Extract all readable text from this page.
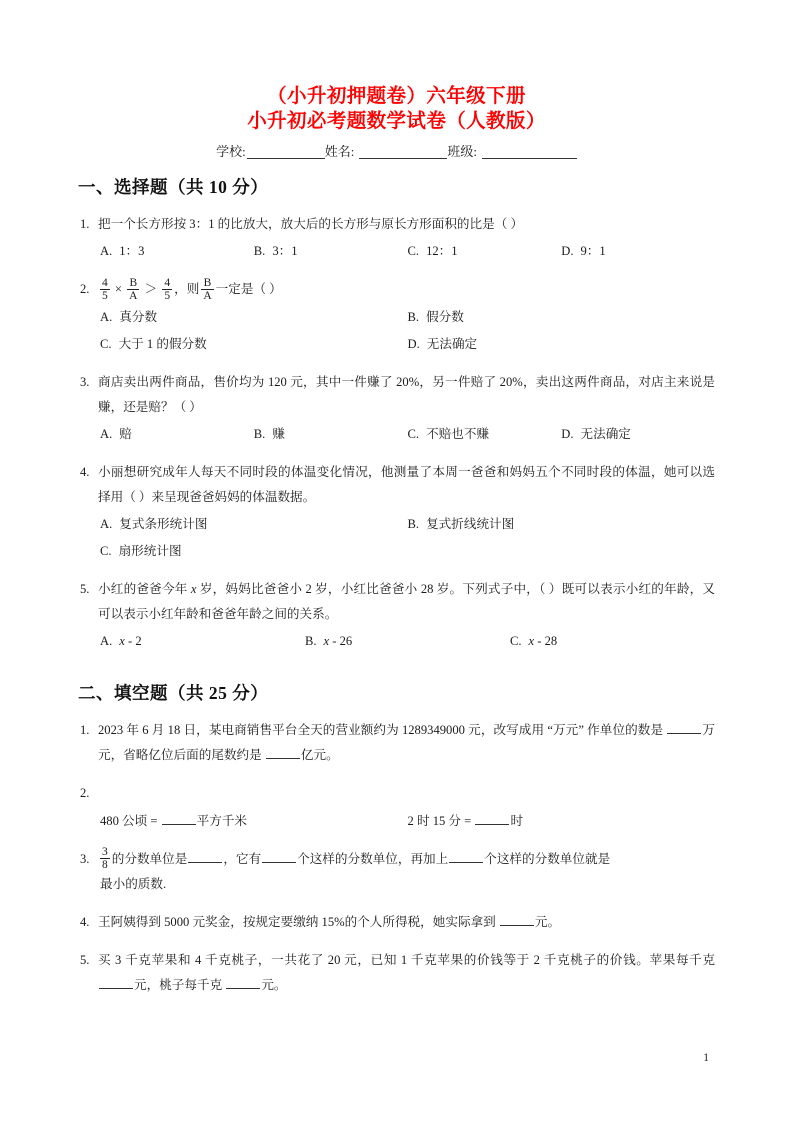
（小升初押题卷）六年级下册
小升初必考题数学试卷（人教版）
学校:	姓名:	班级:
一、选择题（共 10 分）
1. 把一个长方形按 3：1 的比放大，放大后的长方形与原长方形面积的比是（ ）
A. 1：3	B. 3：1	C. 12：1	D. 9：1
2. $\frac{4}{5} \times \frac{B}{A} > \frac{4}{5}$ ，则 $\frac{B}{A}$ 一定是（ ）
A. 真分数	B. 假分数
C. 大于 1 的假分数	D. 无法确定
3. 商店卖出两件商品，售价均为 120 元，其中一件赚了 20%，另一件赔了 20%，卖出这两件商品，对店主来说是赚，还是赔？（ ）
A. 赔	B. 赚	C. 不赔也不赚	D. 无法确定
4. 小丽想研究成年人每天不同时段的体温变化情况，他测量了本周一爸爸和妈妈五个不同时段的体温，她可以选择用（ ）来呈现爸爸妈妈的体温数据。
A. 复式条形统计图	B. 复式折线统计图
C. 扇形统计图
5. 小红的爸爸今年 x 岁，妈妈比爸爸小 2 岁，小红比爸爸小 28 岁。下列式子中，（ ）既可以表示小红的年龄，又可以表示小红年龄和爸爸年龄之间的关系。
A. x - 2	B. x - 26	C. x - 28
二、填空题（共 25 分）
1. 2023 年 6 月 18 日，某电商销售平台全天的营业额约为 1289349000 元，改写成用 “万元” 作单位的数是	万元，省略亿位后面的尾数约是	亿元。
2.
480 公顷 =	平方千米	2 时 15 分 =	时
3. $\frac{3}{8}$ 的分数单位是	，它有	个这样的分数单位，再加上	个这样的分数单位就是
最小的质数.
4. 王阿姨得到 5000 元奖金，按规定要缴纳 15%的个人所得税，她实际拿到	元。
5. 买 3 千克苹果和 4 千克桃子，一共花了 20 元，已知 1 千克苹果的价钱等于 2 千克桃子的价钱。苹果每千克 元，桃子每千克	元。
1
